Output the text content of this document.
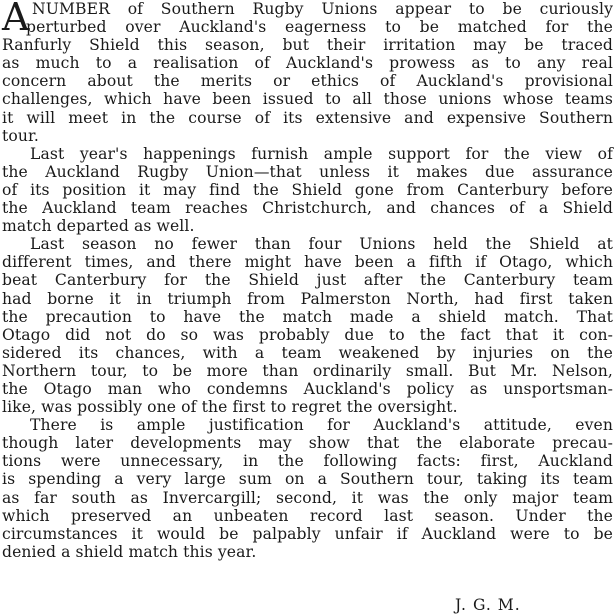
A NUMBER of Southern Rugby Unions appear to be curiously
perturbed over Auckland's eagerness to be matched for the
Ranfurly Shield this season, but their irritation may be traced
as much to a realisation of Auckland's prowess as to any real
concern about the merits or ethics of Auckland's provisional
challenges, which have been issued to all those unions whose teams
it will meet in the course of its extensive and expensive Southern
tour.
Last year's happenings furnish ample support for the view of
the Auckland Rugby Union—that unless it makes due assurance
of its position it may find the Shield gone from Canterbury before
the Auckland team reaches Christchurch, and chances of a Shield
match departed as well.
Last season no fewer than four Unions held the Shield at
different times, and there might have been a fifth if Otago, which
beat Canterbury for the Shield just after the Canterbury team
had borne it in triumph from Palmerston North, had first taken
the precaution to have the match made a shield match. That
Otago did not do so was probably due to the fact that it con-
sidered its chances, with a team weakened by injuries on the
Northern tour, to be more than ordinarily small. But Mr. Nelson,
the Otago man who condemns Auckland's policy as unsportsman-
like, was possibly one of the first to regret the oversight.
There is ample justification for Auckland's attitude, even
though later developments may show that the elaborate precau-
tions were unnecessary, in the following facts: first, Auckland
is spending a very large sum on a Southern tour, taking its team
as far south as Invercargill; second, it was the only major team
which preserved an unbeaten record last season. Under the
circumstances it would be palpably unfair if Auckland were to be
denied a shield match this year.
J. G. M.
